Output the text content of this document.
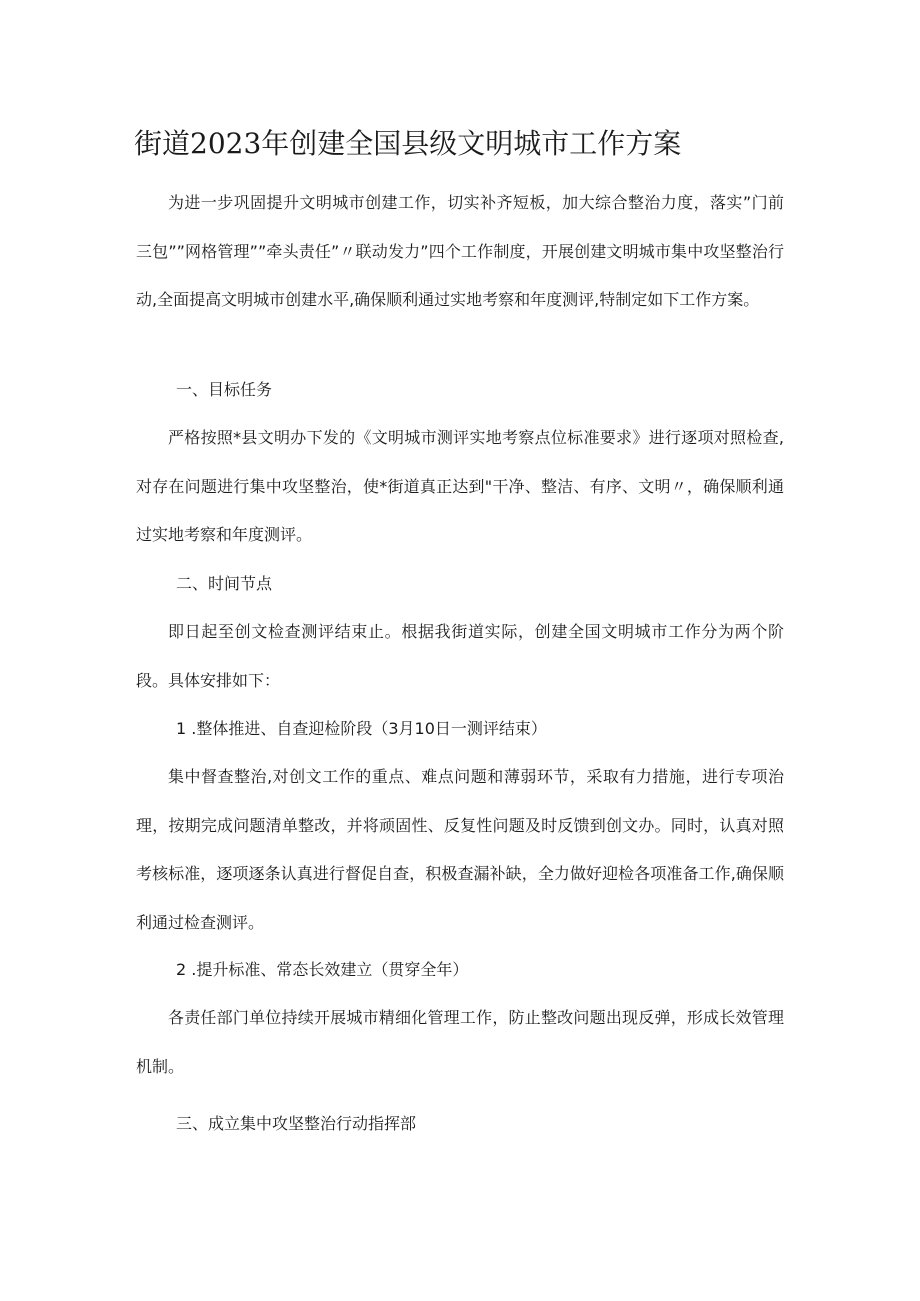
街道2023年创建全国县级文明城市工作方案

为进一步巩固提升文明城市创建工作，切实补齐短板，加大综合整治力度，落实”门前三包””网格管理””牵头责任”〃联动发力”四个工作制度，开展创建文明城市集中攻坚整治行动,全面提高文明城市创建水平,确保顺利通过实地考察和年度测评,特制定如下工作方案。

一、目标任务

严格按照*县文明办下发的《文明城市测评实地考察点位标准要求》进行逐项对照检查,对存在问题进行集中攻坚整治，使*街道真正达到"干净、整洁、有序、文明〃，确保顺利通过实地考察和年度测评。

二、时间节点

即日起至创文检查测评结束止。根据我街道实际，创建全国文明城市工作分为两个阶段。具体安排如下：

1 .整体推进、自查迎检阶段（3月10日一测评结束）

集中督查整治,对创文工作的重点、难点问题和薄弱环节，采取有力措施，进行专项治理，按期完成问题清单整改，并将顽固性、反复性问题及时反馈到创文办。同时，认真对照考核标准，逐项逐条认真进行督促自查，积极查漏补缺，全力做好迎检各项准备工作,确保顺利通过检查测评。

2 .提升标准、常态长效建立（贯穿全年）

各责任部门单位持续开展城市精细化管理工作，防止整改问题出现反弹，形成长效管理机制。

三、成立集中攻坚整治行动指挥部
